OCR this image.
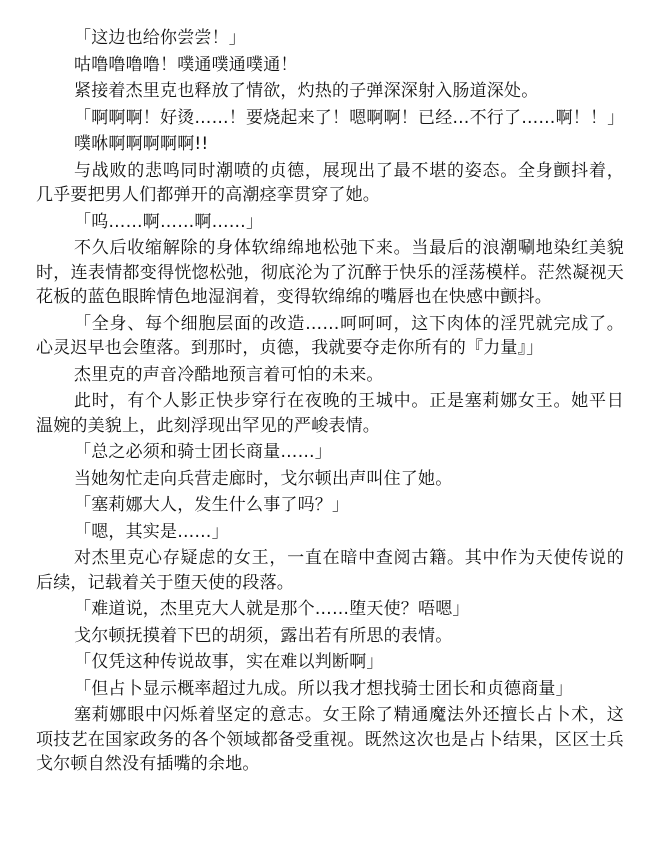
「这边也给你尝尝！」

咕噜噜噜噜！噗通噗通噗通！

紧接着杰里克也释放了情欲，灼热的子弹深深射入肠道深处。

「啊啊啊！好烫……！要烧起来了！嗯啊啊！已经…不行了……啊！！」

噗咻啊啊啊啊啊!!

与战败的悲鸣同时潮喷的贞德，展现出了最不堪的姿态。全身颤抖着，几乎要把男人们都弹开的高潮痉挛贯穿了她。

「呜……啊……啊……」

不久后收缩解除的身体软绵绵地松弛下来。当最后的浪潮唰地染红美貌时，连表情都变得恍惚松弛，彻底沦为了沉醉于快乐的淫荡模样。茫然凝视天花板的蓝色眼眸情色地湿润着，变得软绵绵的嘴唇也在快感中颤抖。

「全身、每个细胞层面的改造……呵呵呵，这下肉体的淫咒就完成了。心灵迟早也会堕落。到那时，贞德，我就要夺走你所有的『力量』」

杰里克的声音冷酷地预言着可怕的未来。

此时，有个人影正快步穿行在夜晚的王城中。正是塞莉娜女王。她平日温婉的美貌上，此刻浮现出罕见的严峻表情。

「总之必须和骑士团长商量……」

当她匆忙走向兵营走廊时，戈尔顿出声叫住了她。

「塞莉娜大人，发生什么事了吗？」

「嗯，其实是……」

对杰里克心存疑虑的女王，一直在暗中查阅古籍。其中作为天使传说的后续，记载着关于堕天使的段落。

「难道说，杰里克大人就是那个……堕天使？唔嗯」

戈尔顿抚摸着下巴的胡须，露出若有所思的表情。

「仅凭这种传说故事，实在难以判断啊」

「但占卜显示概率超过九成。所以我才想找骑士团长和贞德商量」

塞莉娜眼中闪烁着坚定的意志。女王除了精通魔法外还擅长占卜术，这项技艺在国家政务的各个领域都备受重视。既然这次也是占卜结果，区区士兵戈尔顿自然没有插嘴的余地。
